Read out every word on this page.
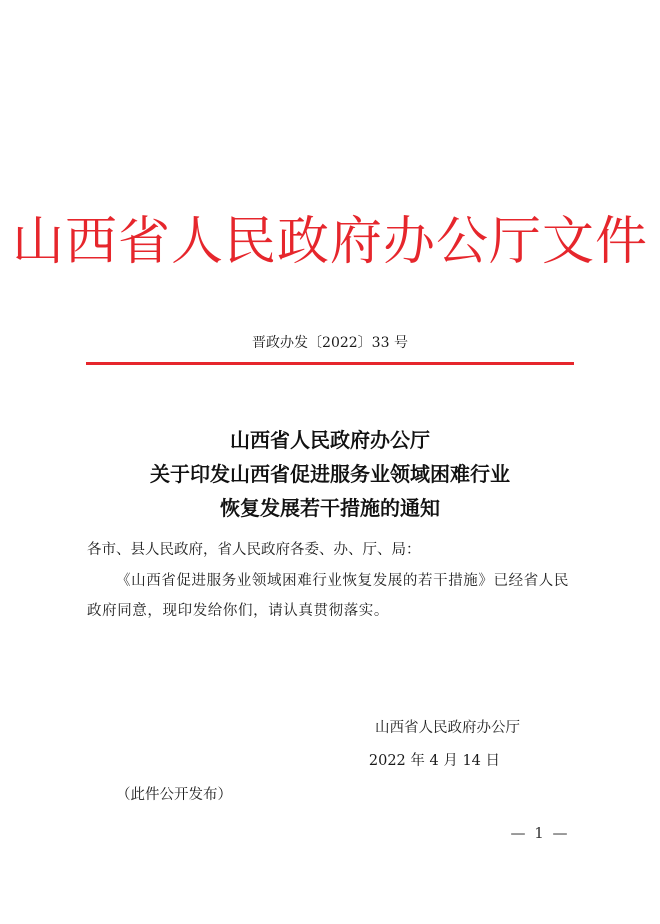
山西省人民政府办公厅文件
晋政办发〔2022〕33 号
山西省人民政府办公厅
关于印发山西省促进服务业领域困难行业
恢复发展若干措施的通知
各市、县人民政府，省人民政府各委、办、厅、局：
《山西省促进服务业领域困难行业恢复发展的若干措施》已经省人民政府同意，现印发给你们，请认真贯彻落实。
山西省人民政府办公厅
2022 年 4 月 14 日
（此件公开发布）
— 1 —
